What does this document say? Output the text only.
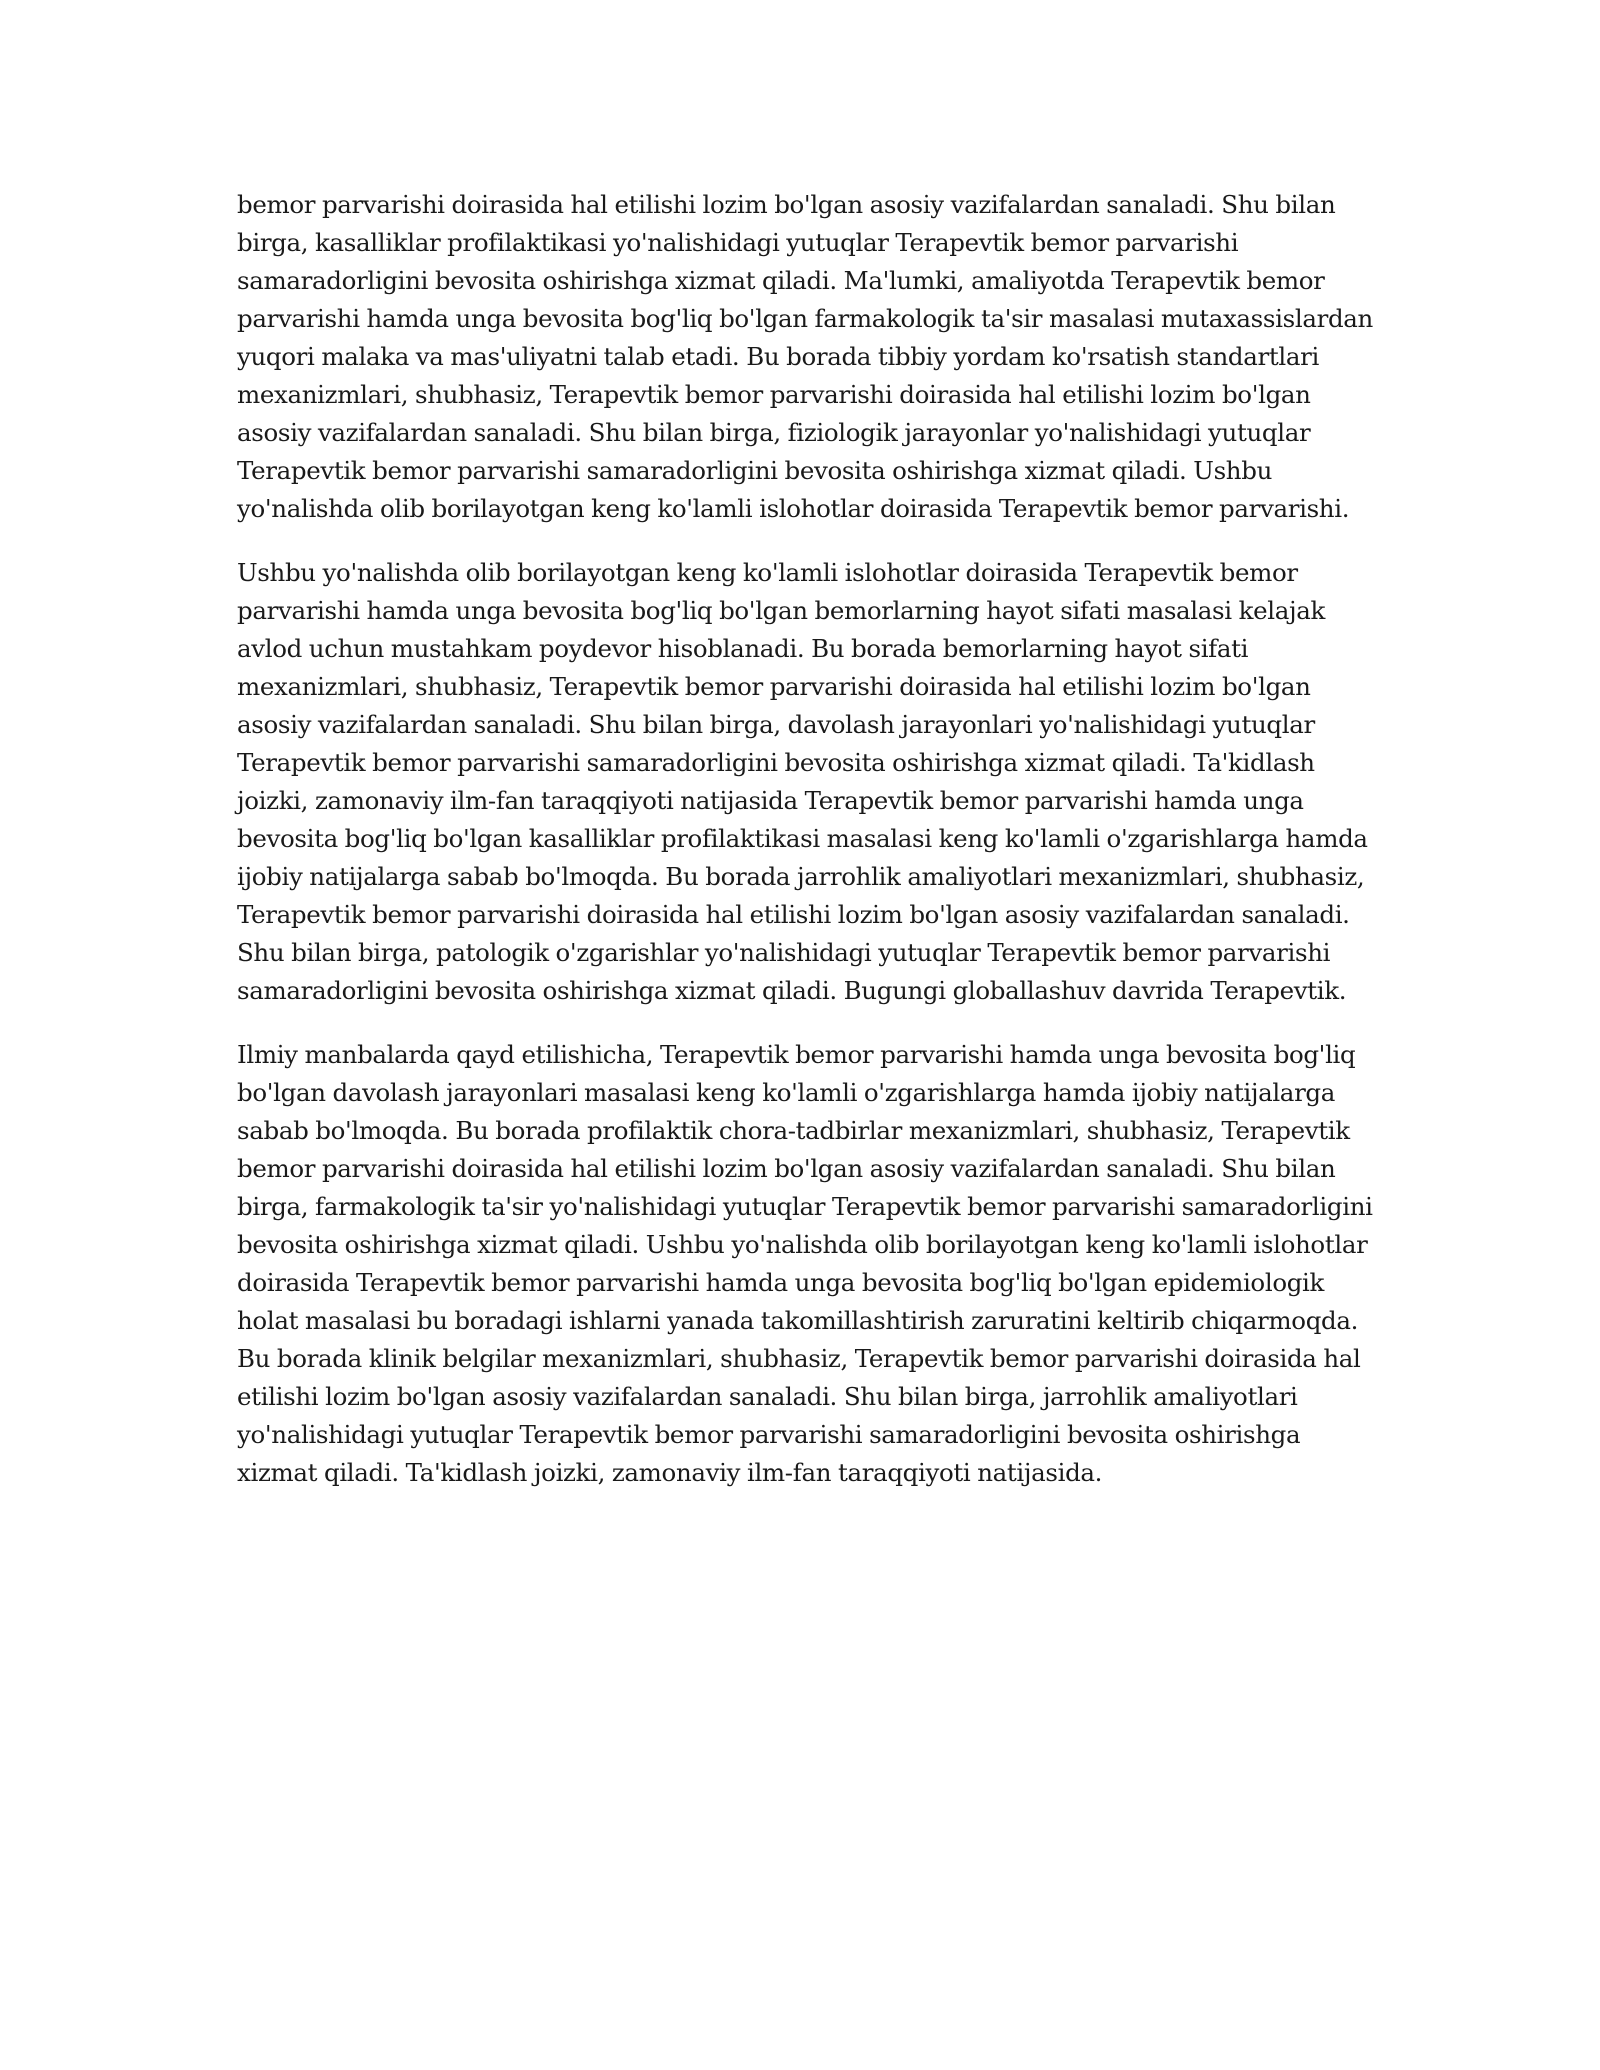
bemor parvarishi doirasida hal etilishi lozim bo'lgan asosiy vazifalardan sanaladi. Shu bilan birga, kasalliklar profilaktikasi yo'nalishidagi yutuqlar Terapevtik bemor parvarishi samaradorligini bevosita oshirishga xizmat qiladi. Ma'lumki, amaliyotda Terapevtik bemor parvarishi hamda unga bevosita bog'liq bo'lgan farmakologik ta'sir masalasi mutaxassislardan yuqori malaka va mas'uliyatni talab etadi. Bu borada tibbiy yordam ko'rsatish standartlari mexanizmlari, shubhasiz, Terapevtik bemor parvarishi doirasida hal etilishi lozim bo'lgan asosiy vazifalardan sanaladi. Shu bilan birga, fiziologik jarayonlar yo'nalishidagi yutuqlar Terapevtik bemor parvarishi samaradorligini bevosita oshirishga xizmat qiladi. Ushbu yo'nalishda olib borilayotgan keng ko'lamli islohotlar doirasida Terapevtik bemor parvarishi.

Ushbu yo'nalishda olib borilayotgan keng ko'lamli islohotlar doirasida Terapevtik bemor parvarishi hamda unga bevosita bog'liq bo'lgan bemorlarning hayot sifati masalasi kelajak avlod uchun mustahkam poydevor hisoblanadi. Bu borada bemorlarning hayot sifati mexanizmlari, shubhasiz, Terapevtik bemor parvarishi doirasida hal etilishi lozim bo'lgan asosiy vazifalardan sanaladi. Shu bilan birga, davolash jarayonlari yo'nalishidagi yutuqlar Terapevtik bemor parvarishi samaradorligini bevosita oshirishga xizmat qiladi. Ta'kidlash joizki, zamonaviy ilm-fan taraqqiyoti natijasida Terapevtik bemor parvarishi hamda unga bevosita bog'liq bo'lgan kasalliklar profilaktikasi masalasi keng ko'lamli o'zgarishlarga hamda ijobiy natijalarga sabab bo'lmoqda. Bu borada jarrohlik amaliyotlari mexanizmlari, shubhasiz, Terapevtik bemor parvarishi doirasida hal etilishi lozim bo'lgan asosiy vazifalardan sanaladi. Shu bilan birga, patologik o'zgarishlar yo'nalishidagi yutuqlar Terapevtik bemor parvarishi samaradorligini bevosita oshirishga xizmat qiladi. Bugungi globallashuv davrida Terapevtik.

Ilmiy manbalarda qayd etilishicha, Terapevtik bemor parvarishi hamda unga bevosita bog'liq bo'lgan davolash jarayonlari masalasi keng ko'lamli o'zgarishlarga hamda ijobiy natijalarga sabab bo'lmoqda. Bu borada profilaktik chora-tadbirlar mexanizmlari, shubhasiz, Terapevtik bemor parvarishi doirasida hal etilishi lozim bo'lgan asosiy vazifalardan sanaladi. Shu bilan birga, farmakologik ta'sir yo'nalishidagi yutuqlar Terapevtik bemor parvarishi samaradorligini bevosita oshirishga xizmat qiladi. Ushbu yo'nalishda olib borilayotgan keng ko'lamli islohotlar doirasida Terapevtik bemor parvarishi hamda unga bevosita bog'liq bo'lgan epidemiologik holat masalasi bu boradagi ishlarni yanada takomillashtirish zaruratini keltirib chiqarmoqda. Bu borada klinik belgilar mexanizmlari, shubhasiz, Terapevtik bemor parvarishi doirasida hal etilishi lozim bo'lgan asosiy vazifalardan sanaladi. Shu bilan birga, jarrohlik amaliyotlari yo'nalishidagi yutuqlar Terapevtik bemor parvarishi samaradorligini bevosita oshirishga xizmat qiladi. Ta'kidlash joizki, zamonaviy ilm-fan taraqqiyoti natijasida.
